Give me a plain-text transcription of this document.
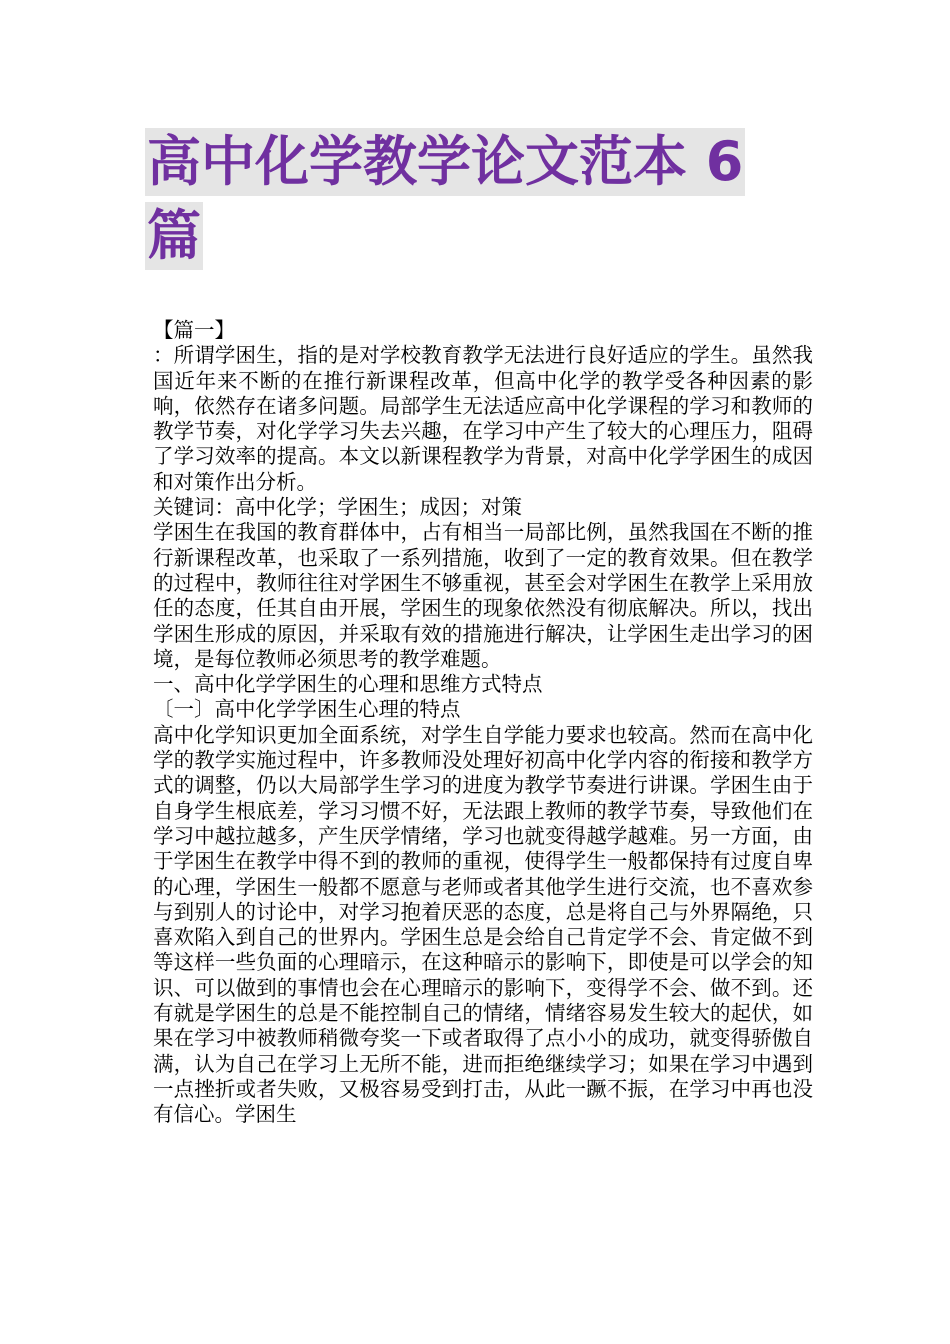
高中化学教学论文范本 6
篇

【篇一】

：所谓学困生，指的是对学校教育教学无法进行良好适应的学生。虽然我国近年来不断的在推行新课程改革，但高中化学的教学受各种因素的影响，依然存在诸多问题。局部学生无法适应高中化学课程的学习和教师的教学节奏，对化学学习失去兴趣，在学习中产生了较大的心理压力，阻碍了学习效率的提高。本文以新课程教学为背景，对高中化学学困生的成因和对策作出分析。

关键词：高中化学；学困生；成因；对策

学困生在我国的教育群体中，占有相当一局部比例，虽然我国在不断的推行新课程改革，也采取了一系列措施，收到了一定的教育效果。但在教学的过程中，教师往往对学困生不够重视，甚至会对学困生在教学上采用放任的态度，任其自由开展，学困生的现象依然没有彻底解决。所以，找出学困生形成的原因，并采取有效的措施进行解决，让学困生走出学习的困境，是每位教师必须思考的教学难题。

一、高中化学学困生的心理和思维方式特点

〔一〕高中化学学困生心理的特点

高中化学知识更加全面系统，对学生自学能力要求也较高。然而在高中化学的教学实施过程中，许多教师没处理好初高中化学内容的衔接和教学方式的调整，仍以大局部学生学习的进度为教学节奏进行讲课。学困生由于自身学生根底差，学习习惯不好，无法跟上教师的教学节奏，导致他们在学习中越拉越多，产生厌学情绪，学习也就变得越学越难。另一方面，由于学困生在教学中得不到的教师的重视，使得学生一般都保持有过度自卑的心理，学困生一般都不愿意与老师或者其他学生进行交流，也不喜欢参与到别人的讨论中，对学习抱着厌恶的态度，总是将自己与外界隔绝，只喜欢陷入到自己的世界内。学困生总是会给自己肯定学不会、肯定做不到等这样一些负面的心理暗示，在这种暗示的影响下，即使是可以学会的知识、可以做到的事情也会在心理暗示的影响下，变得学不会、做不到。还有就是学困生的总是不能控制自己的情绪，情绪容易发生较大的起伏，如果在学习中被教师稍微夸奖一下或者取得了点小小的成功，就变得骄傲自满，认为自己在学习上无所不能，进而拒绝继续学习；如果在学习中遇到一点挫折或者失败，又极容易受到打击，从此一蹶不振，在学习中再也没有信心。学困生
